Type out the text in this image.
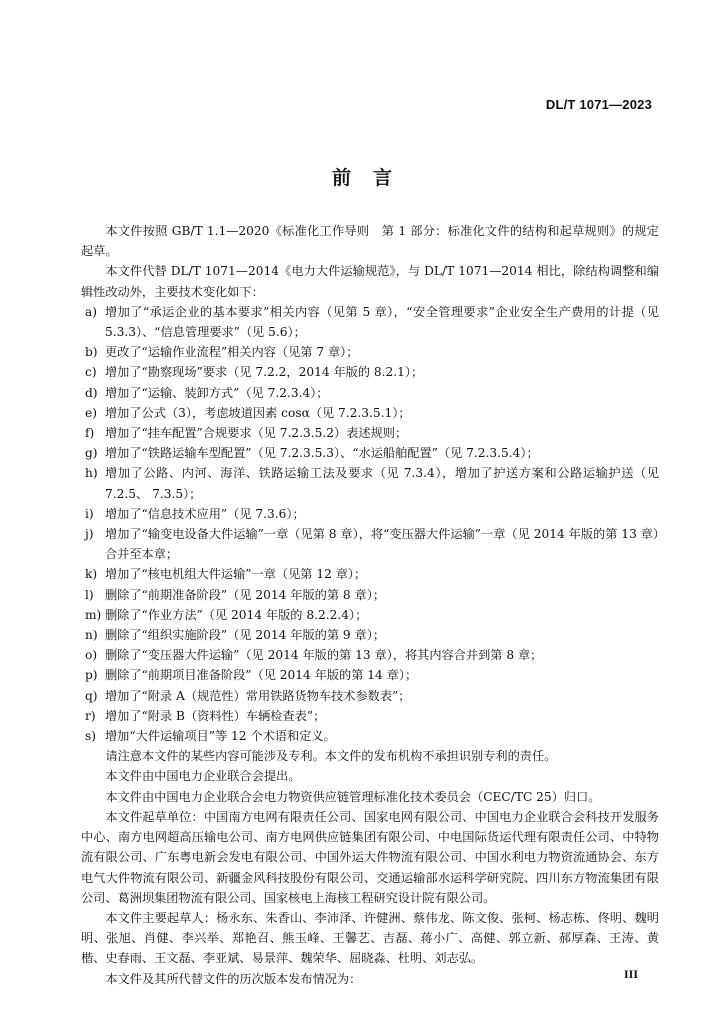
DL/T 1071—2023
前言

本文件按照 GB/T 1.1—2020《标准化工作导则　第 1 部分：标准化文件的结构和起草规则》的规定起草。

本文件代替 DL/T 1071—2014《电力大件运输规范》，与 DL/T 1071—2014 相比，除结构调整和编辑性改动外，主要技术变化如下：

a) 增加了“承运企业的基本要求”相关内容（见第 5 章），“安全管理要求”企业安全生产费用的计提（见 5.3.3）、“信息管理要求”（见 5.6）；
b) 更改了“运输作业流程”相关内容（见第 7 章）；
c) 增加了“勘察现场”要求（见 7.2.2，2014 年版的 8.2.1）；
d) 增加了“运输、装卸方式”（见 7.2.3.4）；
e) 增加了公式（3），考虑坡道因素 cosα（见 7.2.3.5.1）；
f) 增加了“挂车配置”合规要求（见 7.2.3.5.2）表述规则；
g) 增加了“铁路运输车型配置”（见 7.2.3.5.3）、“水运船舶配置”（见 7.2.3.5.4）；
h) 增加了公路、内河、海洋、铁路运输工法及要求（见 7.3.4），增加了护送方案和公路运输护送（见 7.2.5、 7.3.5）；
i) 增加了“信息技术应用”（见 7.3.6）；
j) 增加了“输变电设备大件运输”一章（见第 8 章），将“变压器大件运输”一章（见 2014 年版的第 13 章）合并至本章；
k) 增加了“核电机组大件运输”一章（见第 12 章）；
l) 删除了“前期准备阶段”（见 2014 年版的第 8 章）；
m) 删除了“作业方法”（见 2014 年版的 8.2.2.4）；
n) 删除了“组织实施阶段”（见 2014 年版的第 9 章）；
o) 删除了“变压器大件运输”（见 2014 年版的第 13 章），将其内容合并到第 8 章；
p) 删除了“前期项目准备阶段”（见 2014 年版的第 14 章）；
q) 增加了“附录 A（规范性）常用铁路货物车技术参数表”；
r) 增加了“附录 B（资料性）车辆检查表”；
s) 增加“大件运输项目”等 12 个术语和定义。

请注意本文件的某些内容可能涉及专利。本文件的发布机构不承担识别专利的责任。

本文件由中国电力企业联合会提出。

本文件由中国电力企业联合会电力物资供应链管理标准化技术委员会（CEC/TC 25）归口。

本文件起草单位：中国南方电网有限责任公司、国家电网有限公司、中国电力企业联合会科技开发服务中心、南方电网超高压输电公司、南方电网供应链集团有限公司、中电国际货运代理有限责任公司、中特物流有限公司、广东粤电新会发电有限公司、中国外运大件物流有限公司、中国水利电力物资流通协会、东方电气大件物流有限公司、新疆金风科技股份有限公司、交通运输部水运科学研究院、四川东方物流集团有限公司、葛洲坝集团物流有限公司、国家核电上海核工程研究设计院有限公司。

本文件主要起草人：杨永东、朱香山、李沛泽、许健洲、蔡伟龙、陈文俊、张柯、杨志栋、佟明、魏明明、张旭、肖健、李兴举、郑艳召、熊玉峰、王馨艺、吉磊、蒋小广、高健、郭立新、郝厚森、王涛、黄楷、史春雨、王文磊、李亚斌、易景萍、魏荣华、屈晓淼、杜明、刘志弘。

本文件及其所代替文件的历次版本发布情况为：	III
